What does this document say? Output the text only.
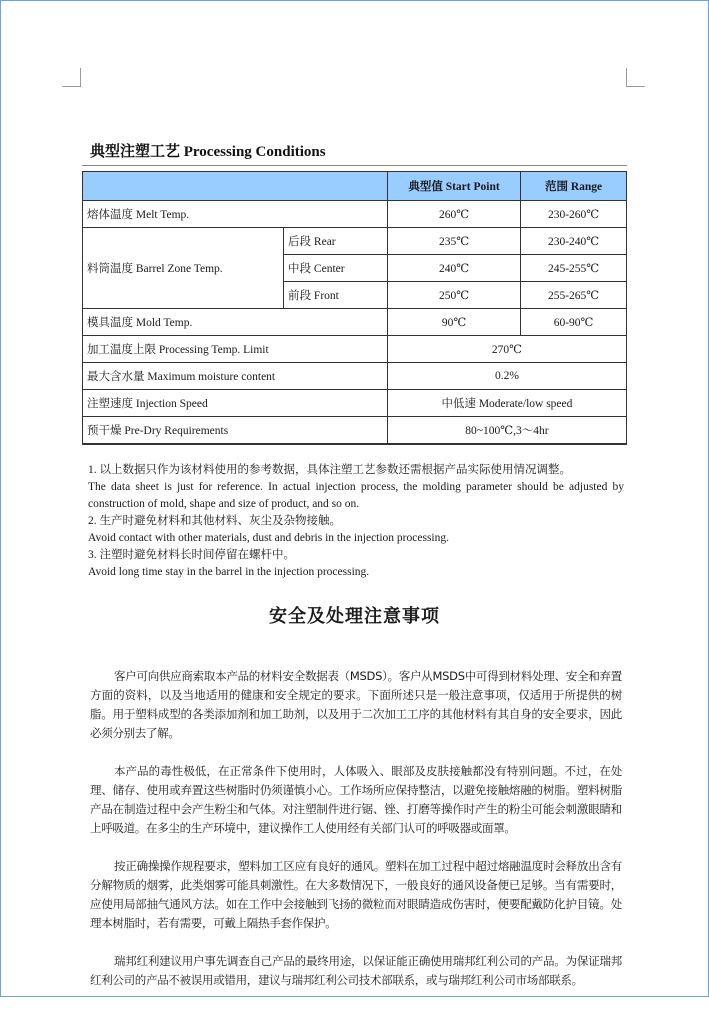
典型注塑工艺 Processing Conditions
		典型值 Start Point	范围 Range
熔体温度 Melt Temp.		260℃	230-260℃
料筒温度 Barrel Zone Temp.	后段 Rear	235℃	230-240℃
	中段 Center	240℃	245-255℃
	前段 Front	250℃	255-265℃
模具温度 Mold Temp.		90℃	60-90℃
加工温度上限 Processing Temp. Limit		270℃	
最大含水量 Maximum moisture content		0.2%	
注塑速度 Injection Speed		中低速 Moderate/low speed	
预干燥 Pre-Dry Requirements		80~100℃,3～4hr	

1. 以上数据只作为该材料使用的参考数据，具体注塑工艺参数还需根据产品实际使用情况调整。

The data sheet is just for reference. In actual injection process, the molding parameter should be adjusted by construction of mold, shape and size of product, and so on.

2. 生产时避免材料和其他材料、灰尘及杂物接触。

Avoid contact with other materials, dust and debris in the injection processing.

3. 注塑时避免材料长时间停留在螺杆中。

Avoid long time stay in the barrel in the injection processing.

安全及处理注意事项

客户可向供应商索取本产品的材料安全数据表（MSDS）。客户从MSDS中可得到材料处理、安全和弃置方面的资料，以及当地适用的健康和安全规定的要求。下面所述只是一般注意事项，仅适用于所提供的树脂。用于塑料成型的各类添加剂和加工助剂，以及用于二次加工工序的其他材料有其自身的安全要求，因此必须分别去了解。

本产品的毒性极低，在正常条件下使用时，人体吸入、眼部及皮肤接触都没有特别问题。不过，在处理、储存、使用或弃置这些树脂时仍须谨慎小心。工作场所应保持整洁，以避免接触熔融的树脂。塑料树脂产品在制造过程中会产生粉尘和气体。对注塑制件进行锯、锉、打磨等操作时产生的粉尘可能会刺激眼睛和上呼吸道。在多尘的生产环境中，建议操作工人使用经有关部门认可的呼吸器或面罩。

按正确操操作规程要求，塑料加工区应有良好的通风。塑料在加工过程中超过熔融温度时会释放出含有分解物质的烟雾，此类烟雾可能具刺激性。在大多数情况下，一般良好的通风设备便已足够。当有需要时，应使用局部抽气通风方法。如在工作中会接触到飞扬的微粒而对眼睛造成伤害时，便要配戴防化护目镜。处理本树脂时，若有需要，可戴上隔热手套作保护。

瑞邦红利建议用户事先调查自己产品的最终用途，以保证能正确使用瑞邦红利公司的产品。为保证瑞邦红利公司的产品不被误用或错用，建议与瑞邦红利公司技术部联系，或与瑞邦红利公司市场部联系。
